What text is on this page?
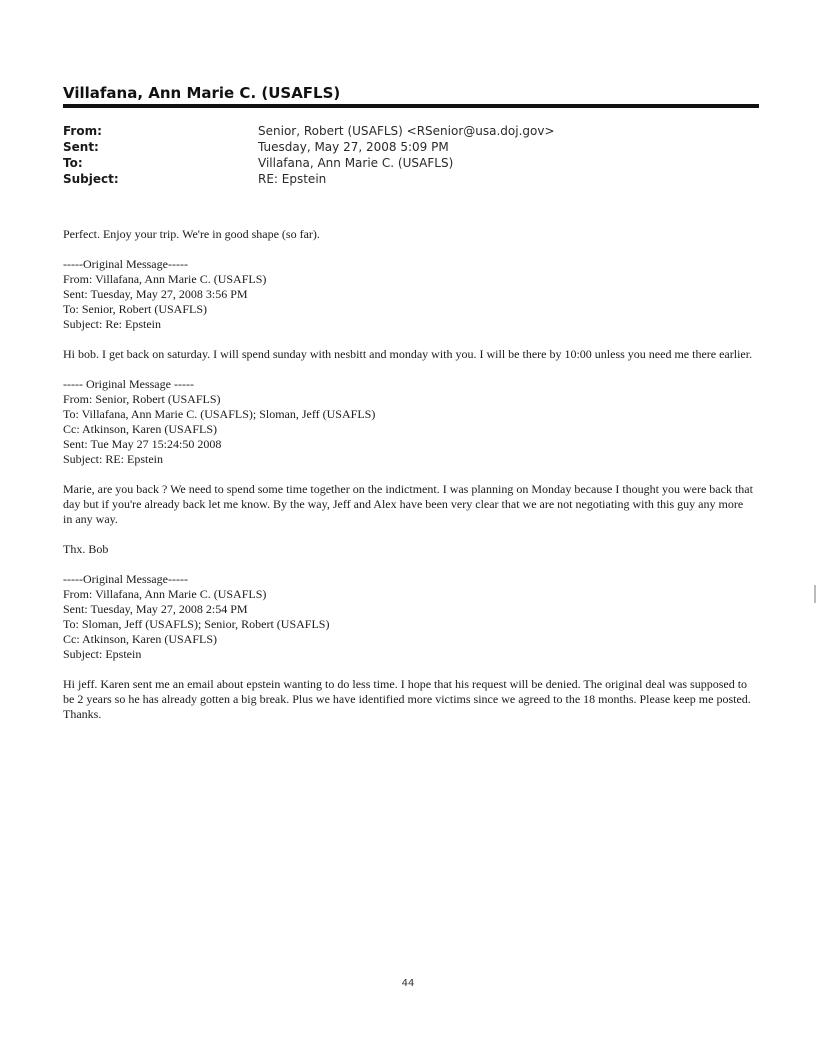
Villafana, Ann Marie C. (USAFLS)
From:	Senior, Robert (USAFLS) <RSenior@usa.doj.gov>
Sent:	Tuesday, May 27, 2008 5:09 PM
To:	Villafana, Ann Marie C. (USAFLS)
Subject:	RE: Epstein

Perfect. Enjoy your trip. We're in good shape (so far).

-----Original Message-----

From: Villafana, Ann Marie C. (USAFLS)

Sent: Tuesday, May 27, 2008 3:56 PM

To: Senior, Robert (USAFLS)

Subject: Re: Epstein

Hi bob. I get back on saturday. I will spend sunday with nesbitt and monday with you. I will be there by 10:00 unless you need me there earlier.

----- Original Message -----

From: Senior, Robert (USAFLS)

To: Villafana, Ann Marie C. (USAFLS); Sloman, Jeff (USAFLS)

Cc: Atkinson, Karen (USAFLS)

Sent: Tue May 27 15:24:50 2008

Subject: RE: Epstein

Marie, are you back ? We need to spend some time together on the indictment. I was planning on Monday because I thought you were back that day but if you're already back let me know. By the way, Jeff and Alex have been very clear that we are not negotiating with this guy any more in any way.

Thx. Bob

-----Original Message-----

From: Villafana, Ann Marie C. (USAFLS)

Sent: Tuesday, May 27, 2008 2:54 PM

To: Sloman, Jeff (USAFLS); Senior, Robert (USAFLS)

Cc: Atkinson, Karen (USAFLS)

Subject: Epstein

Hi jeff. Karen sent me an email about epstein wanting to do less time. I hope that his request will be denied. The original deal was supposed to be 2 years so he has already gotten a big break. Plus we have identified more victims since we agreed to the 18 months. Please keep me posted. Thanks.

44
